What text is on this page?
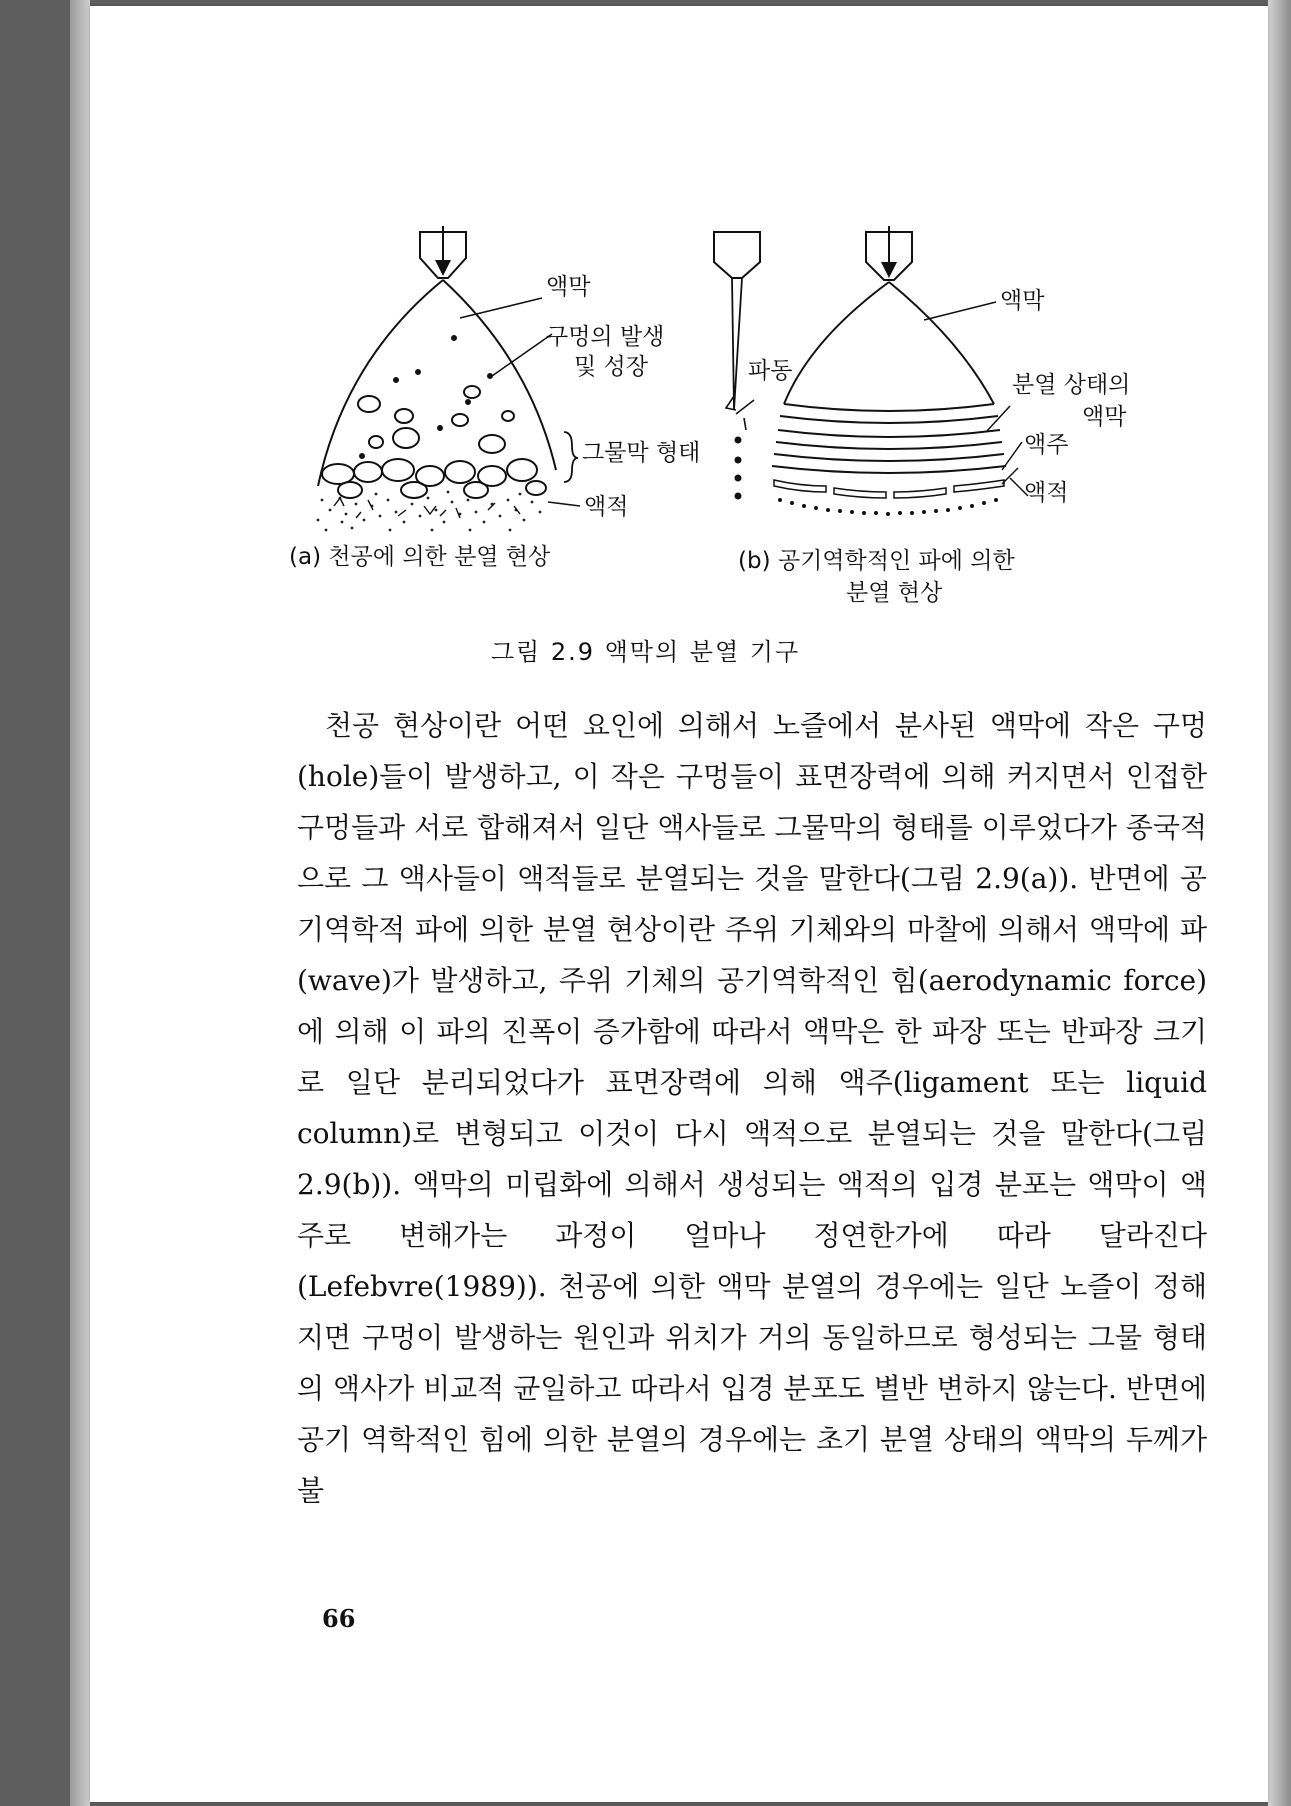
액막
구멍의 발생
및 성장
그물막 형태
액적
(a) 천공에 의한 분열 현상
파동
액막
분열 상태의
액막
액주
액적
(b) 공기역학적인 파에 의한
분열 현상
그림 2.9 액막의 분열 기구

천공 현상이란 어떤 요인에 의해서 노즐에서 분사된 액막에 작은 구멍(hole)들이 발생하고, 이 작은 구멍들이 표면장력에 의해 커지면서 인접한 구멍들과 서로 합해져서 일단 액사들로 그물막의 형태를 이루었다가 종국적으로 그 액사들이 액적들로 분열되는 것을 말한다(그림 2.9(a)). 반면에 공기역학적 파에 의한 분열 현상이란 주위 기체와의 마찰에 의해서 액막에 파(wave)가 발생하고, 주위 기체의 공기역학적인 힘(aerodynamic force)에 의해 이 파의 진폭이 증가함에 따라서 액막은 한 파장 또는 반파장 크기로 일단 분리되었다가 표면장력에 의해 액주(ligament 또는 liquid column)로 변형되고 이것이 다시 액적으로 분열되는 것을 말한다(그림 2.9(b)). 액막의 미립화에 의해서 생성되는 액적의 입경 분포는 액막이 액주로 변해가는 과정이 얼마나 정연한가에 따라 달라진다(Lefebvre(1989)). 천공에 의한 액막 분열의 경우에는 일단 노즐이 정해지면 구멍이 발생하는 원인과 위치가 거의 동일하므로 형성되는 그물 형태의 액사가 비교적 균일하고 따라서 입경 분포도 별반 변하지 않는다. 반면에 공기 역학적인 힘에 의한 분열의 경우에는 초기 분열 상태의 액막의 두께가 불

66
